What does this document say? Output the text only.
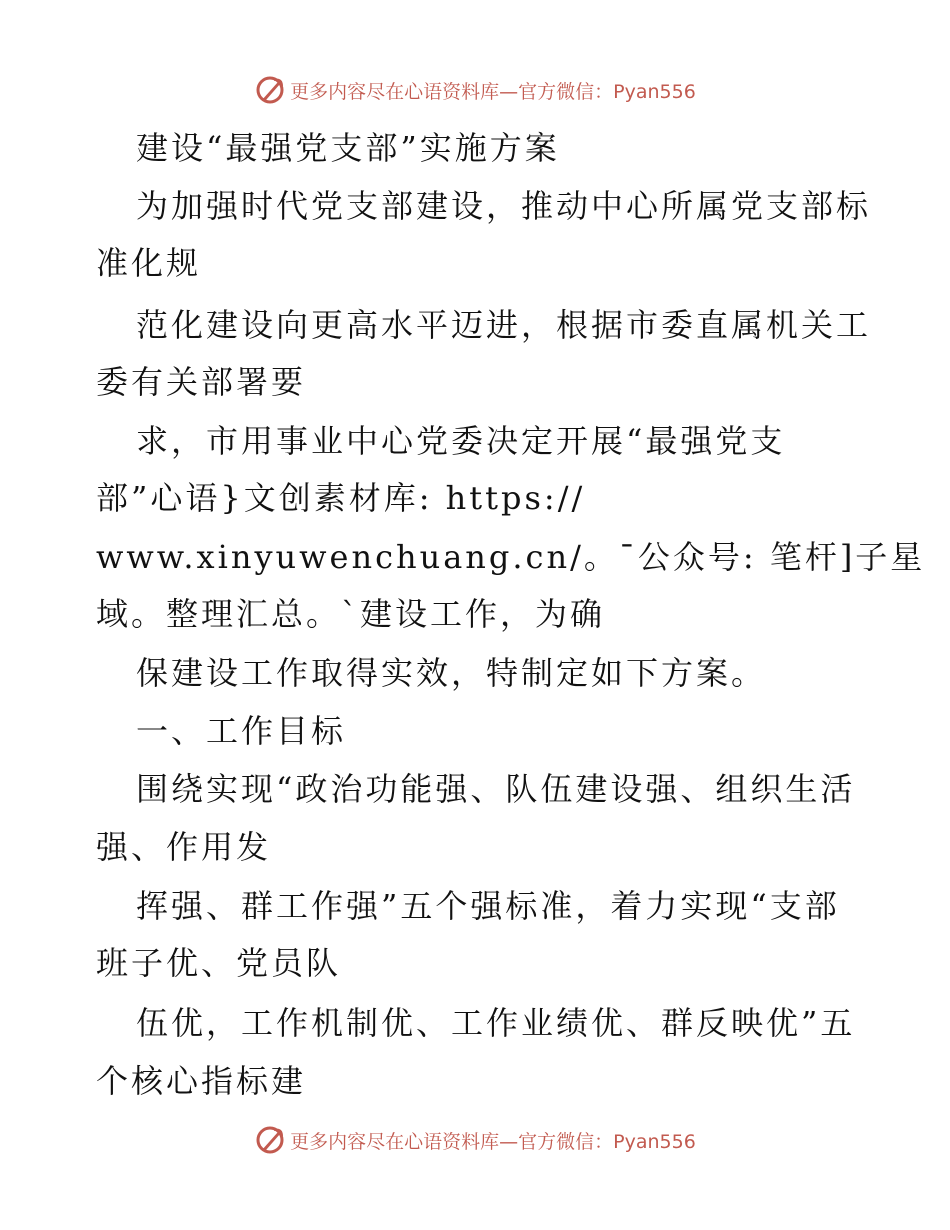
更多内容尽在心语资料库—官方微信：Pyan556
建设“最强党支部”实施方案
为加强时代党支部建设，推动中心所属党支部标
准化规
范化建设向更高水平迈进，根据市委直属机关工
委有关部署要
求，市用事业中心党委决定开展“最强党支
部”心语}文创素材库: https://
www.xinyuwenchuang.cn/。¯公众号: 笔杆]子星
域。整理汇总。`建设工作，为确
保建设工作取得实效，特制定如下方案。
一、工作目标
围绕实现“政治功能强、队伍建设强、组织生活
强、作用发
挥强、群工作强”五个强标准，着力实现“支部
班子优、党员队
伍优，工作机制优、工作业绩优、群反映优”五
个核心指标建
更多内容尽在心语资料库—官方微信：Pyan556
